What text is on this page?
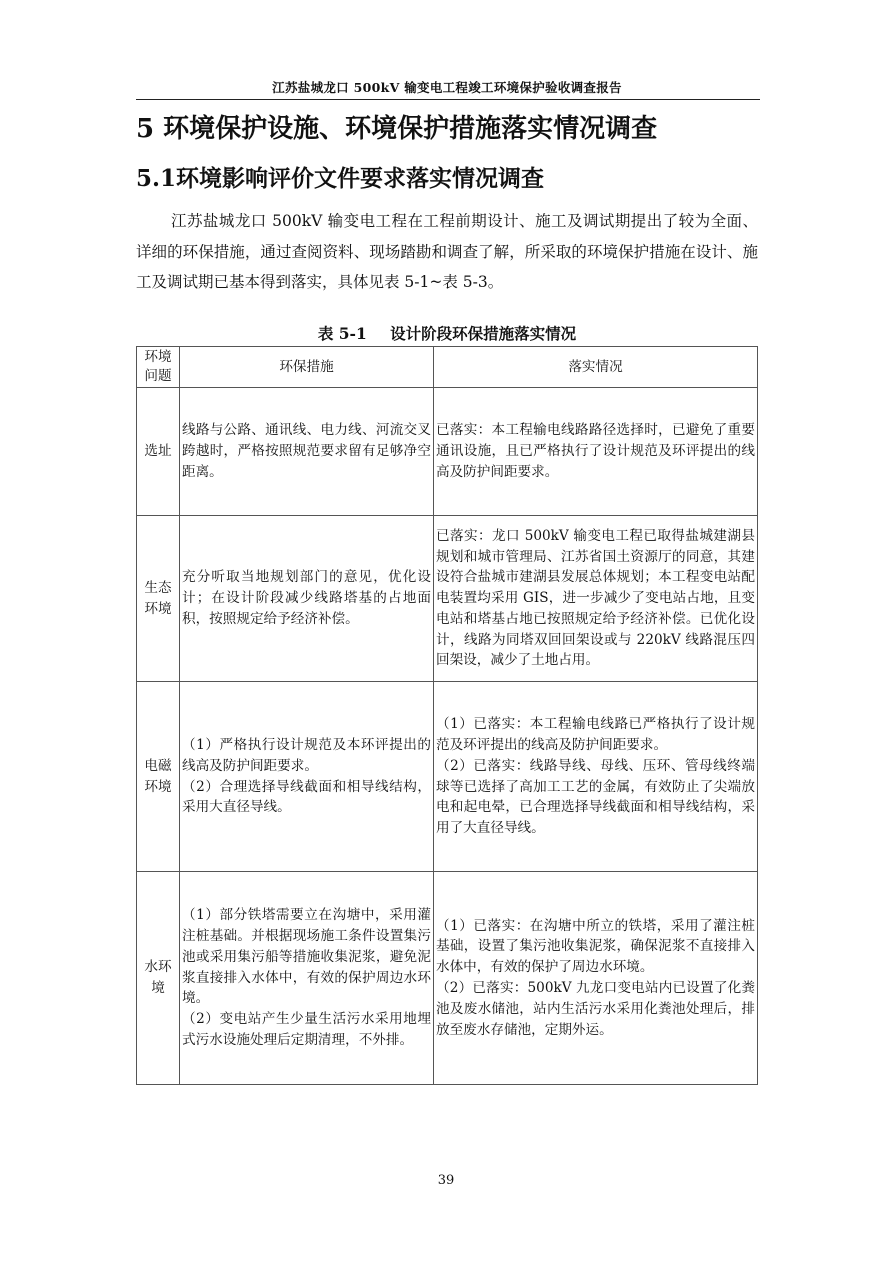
江苏盐城龙口 500kV 输变电工程竣工环境保护验收调查报告
5 环境保护设施、环境保护措施落实情况调查
5.1环境影响评价文件要求落实情况调查

江苏盐城龙口 500kV 输变电工程在工程前期设计、施工及调试期提出了较为全面、详细的环保措施，通过查阅资料、现场踏勘和调查了解，所采取的环境保护措施在设计、施工及调试期已基本得到落实，具体见表 5-1~表 5-3。

表 5-1 设计阶段环保措施落实情况
环境问题	环保措施	落实情况
选址	线路与公路、通讯线、电力线、河流交叉跨越时，严格按照规范要求留有足够净空距离。	已落实：本工程输电线路路径选择时，已避免了重要通讯设施，且已严格执行了设计规范及环评提出的线高及防护间距要求。
生态环境	充分听取当地规划部门的意见，优化设计；在设计阶段减少线路塔基的占地面积，按照规定给予经济补偿。	已落实：龙口 500kV 输变电工程已取得盐城建湖县规划和城市管理局、江苏省国土资源厅的同意，其建设符合盐城市建湖县发展总体规划；本工程变电站配电装置均采用 GIS，进一步减少了变电站占地，且变电站和塔基占地已按照规定给予经济补偿。已优化设计，线路为同塔双回回架设或与 220kV 线路混压四回架设，减少了土地占用。
电磁环境	（1）严格执行设计规范及本环评提出的线高及防护间距要求。
（2）合理选择导线截面和相导线结构，采用大直径导线。	（1）已落实：本工程输电线路已严格执行了设计规范及环评提出的线高及防护间距要求。
（2）已落实：线路导线、母线、压环、管母线终端球等已选择了高加工工艺的金属，有效防止了尖端放电和起电晕，已合理选择导线截面和相导线结构，采用了大直径导线。
水环境	（1）部分铁塔需要立在沟塘中，采用灌注桩基础。并根据现场施工条件设置集污池或采用集污船等措施收集泥浆，避免泥浆直接排入水体中，有效的保护周边水环境。
（2）变电站产生少量生活污水采用地埋式污水设施处理后定期清理，不外排。	（1）已落实：在沟塘中所立的铁塔，采用了灌注桩基础，设置了集污池收集泥浆，确保泥浆不直接排入水体中，有效的保护了周边水环境。
（2）已落实：500kV 九龙口变电站内已设置了化粪池及废水储池，站内生活污水采用化粪池处理后，排放至废水存储池，定期外运。
39
